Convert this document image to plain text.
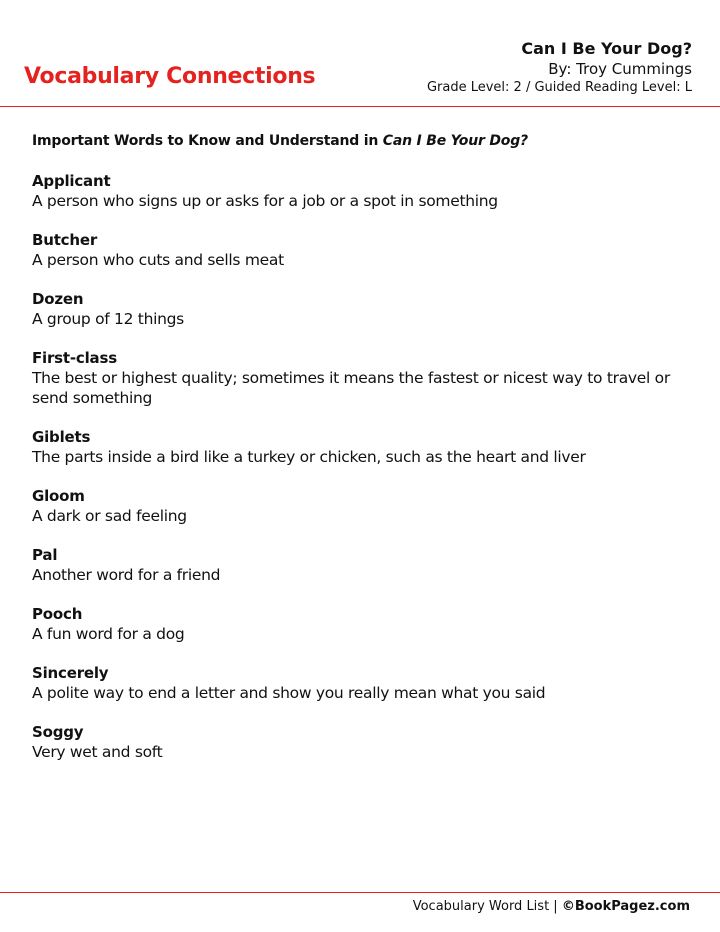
Vocabulary Connections
Can I Be Your Dog?
By: Troy Cummings
Grade Level: 2 / Guided Reading Level: L
Important Words to Know and Understand in Can I Be Your Dog?
Applicant
A person who signs up or asks for a job or a spot in something
Butcher
A person who cuts and sells meat
Dozen
A group of 12 things
First-class
The best or highest quality; sometimes it means the fastest or nicest way to travel or send something
Giblets
The parts inside a bird like a turkey or chicken, such as the heart and liver
Gloom
A dark or sad feeling
Pal
Another word for a friend
Pooch
A fun word for a dog
Sincerely
A polite way to end a letter and show you really mean what you said
Soggy
Very wet and soft
Vocabulary Word List | ©BookPagez.com
